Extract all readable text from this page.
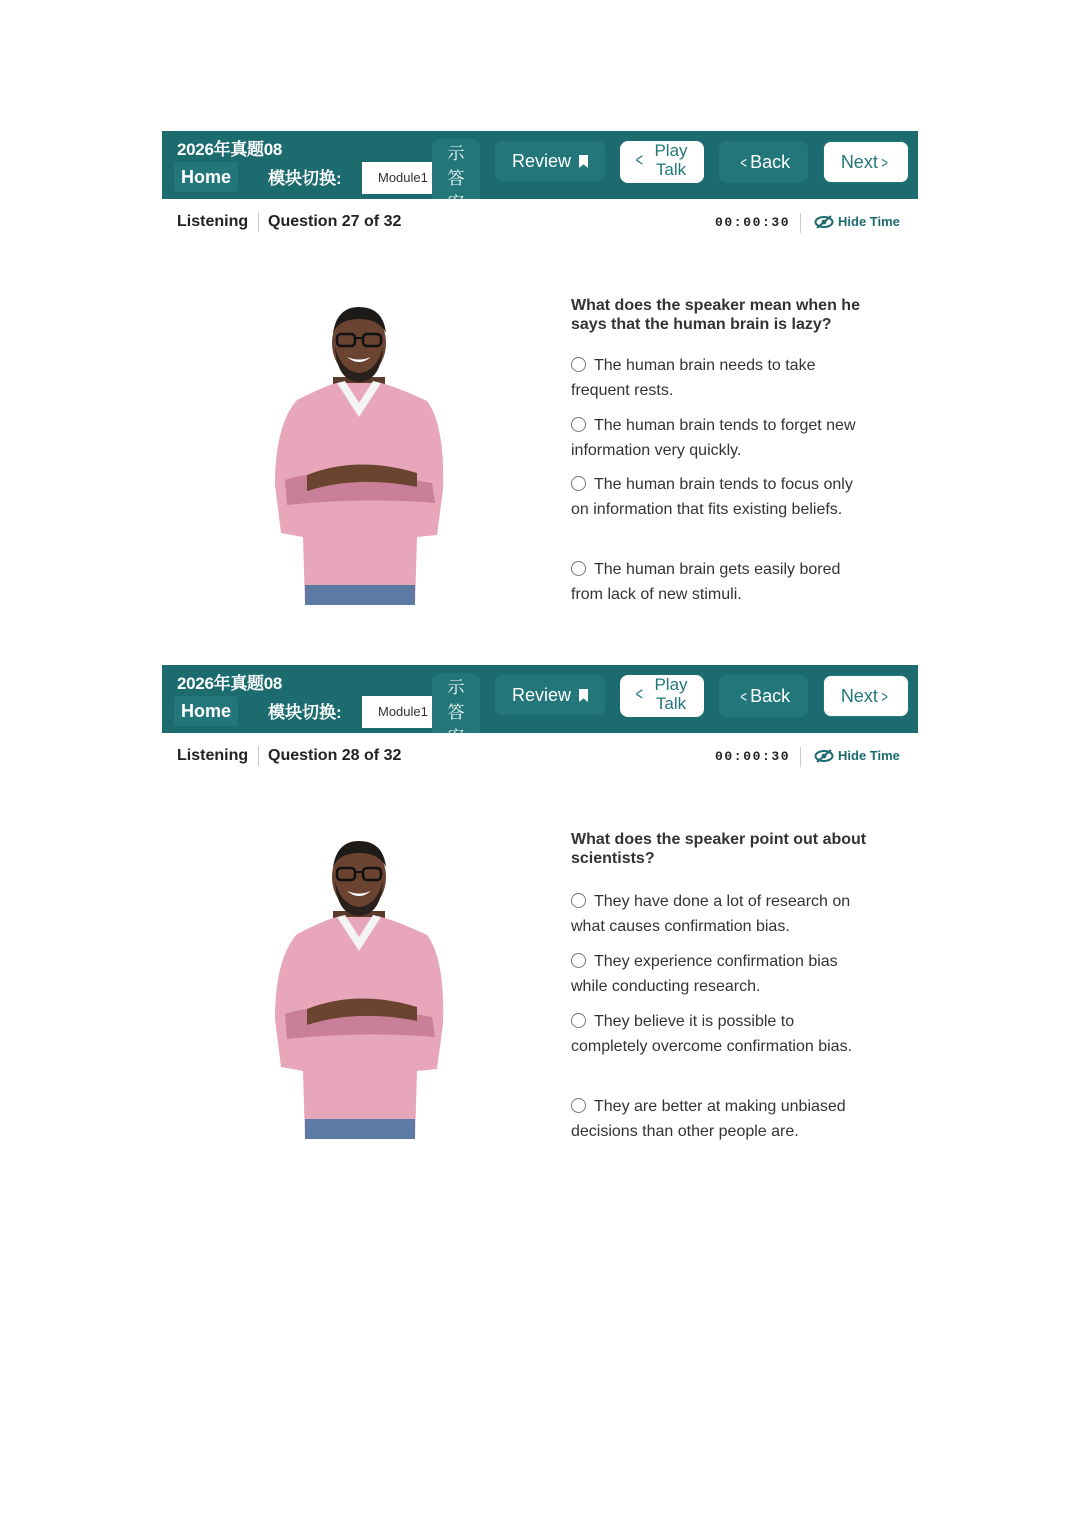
2026年真题08
Home	模块切换:	Module1
示
答
案
Review	< Play
Talk	< Back	Next >
Listening Question 27 of 32	00:00:30	Hide Time
What does the speaker mean when he says that the human brain is lazy?
The human brain needs to take frequent rests.
The human brain tends to forget new information very quickly.
The human brain tends to focus only on information that fits existing beliefs.
The human brain gets easily bored from lack of new stimuli.
2026年真题08
Home	模块切换:	Module1
示
答
案
Review	< Play
Talk	< Back	Next >
Listening Question 28 of 32	00:00:30	Hide Time
What does the speaker point out about scientists?
They have done a lot of research on what causes confirmation bias.
They experience confirmation bias while conducting research.
They believe it is possible to completely overcome confirmation bias.
They are better at making unbiased decisions than other people are.
